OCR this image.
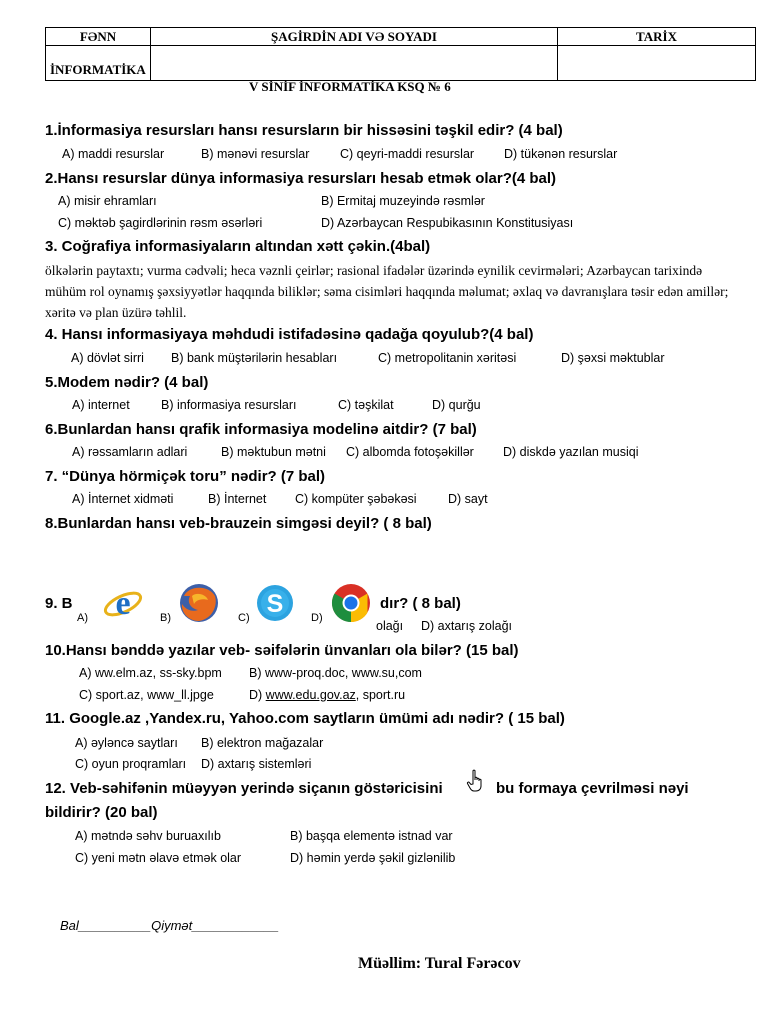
FƏNN	ŞAGİRDİN ADI VƏ SOYADI	TARİX
İNFORMATİKA		
V SİNİF İNFORMATİKA KSQ № 6
1.İnformasiya resursları hansı resursların bir hissəsini təşkil edir? (4 bal)
A) maddi resurslar	B) mənəvi resurslar C) qeyri-maddi resurslar D) tükənən resurslar
2.Hansı resurslar dünya informasiya resursları hesab etmək olar?(4 bal)
A) misir ehramları	B) Ermitaj muzeyində rəsmlər
C) məktəb şagirdlərinin rəsm əsərləri	D) Azərbaycan Respubikasının Konstitusiyası
3. Coğrafiya informasiyaların altından xətt çəkin.(4bal)
ölkələrin paytaxtı; vurma cədvəli; heca vəznli çeirlər; rasional ifadələr üzərində eynilik cevirmələri; Azərbaycan tarixində mühüm rol oynamış şəxsiyyətlər haqqında biliklər; səma cisimləri haqqında məlumat; əxlaq və davranışlara təsir edən amillər; xəritə və plan üzürə təhlil.
4. Hansı informasiyaya məhdudi istifadəsinə qadağa qoyulub?(4 bal)
A) dövlət sirri B) bank müştərilərin hesabları	C) metropolitanin xəritəsi	D) şəxsi məktublar
5.Modem nədir? (4 bal)
A) internet	B) informasiya resursları	C) təşkilat	D) qurğu
6.Bunlardan hansı qrafik informasiya modelinə aitdir? (7 bal)
A) rəssamların adlari	B) məktubun mətni C) albomda fotoşəkillər D) diskdə yazılan musiqi
7. “Dünya hörmiçək toru” nədir? (7 bal)
A) İnternet xidməti	B) İnternet C) kompüter şəbəkəsi	D) sayt
8.Bunlardan hansı veb-brauzein simgəsi deyil? ( 8 bal)
9. B	dır? ( 8 bal)
olağı D) axtarış zolağı
A) e	B)	C) S	D)
10.Hansı bənddə yazılar veb- səifələrin ünvanları ola bilər? (15 bal)
A) ww.elm.az, ss-sky.bpm B) www-proq.doc, www.su,com
C) sport.az, www_ll.jpge	D) www.edu.gov.az, sport.ru
11. Google.az ,Yandex.ru, Yahoo.com saytların ümümi adı nədir? ( 15 bal)
A) əyləncə saytları B) elektron mağazalar
C) oyun proqramları D) axtarış sistemləri
12. Veb-səhifənin müəyyən yerində siçanın göstəricisini	bu formaya çevrilməsi nəyi
bildirir? (20 bal)
A) mətndə səhv buruaxılıb	B) başqa elementə istnad var
C) yeni mətn əlavə etmək olar	D) həmin yerdə şəkil gizlənilib
Bal__________Qiymət____________
Müəllim: Tural Fərəcov
